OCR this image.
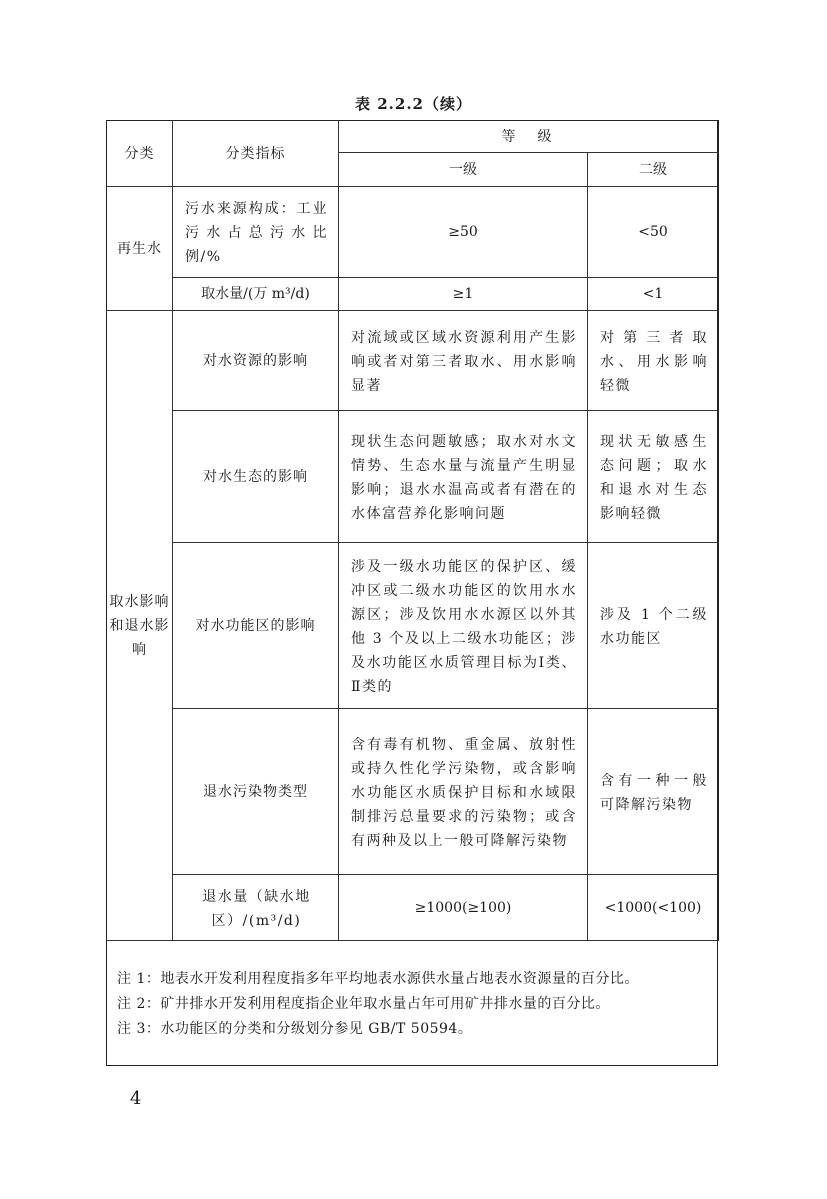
表 2.2.2（续）
分类	分类指标	等　级	
		一级	二级
再生水	污水来源构成：工业污水占总污水比例/%	≥50	<50
	取水量/(万 m³/d)	≥1	<1
取水影响和退水影响	对水资源的影响	对流域或区域水资源利用产生影响或者对第三者取水、用水影响显著	对第三者取水、用水影响轻微
	对水生态的影响	现状生态问题敏感；取水对水文情势、生态水量与流量产生明显影响；退水水温高或者有潜在的水体富营养化影响问题	现状无敏感生态问题；取水和退水对生态影响轻微
	对水功能区的影响	涉及一级水功能区的保护区、缓冲区或二级水功能区的饮用水水源区；涉及饮用水水源区以外其他 3 个及以上二级水功能区；涉及水功能区水质管理目标为Ⅰ类、Ⅱ类的	涉及 1 个二级水功能区
	退水污染物类型	含有毒有机物、重金属、放射性或持久性化学污染物，或含影响水功能区水质保护目标和水域限制排污总量要求的污染物；或含有两种及以上一般可降解污染物	含有一种一般可降解污染物
	退水量（缺水地区）/(m³/d)	≥1000(≥100)	<1000(<100)
注 1：地表水开发利用程度指多年平均地表水源供水量占地表水资源量的百分比。
注 2：矿井排水开发利用程度指企业年取水量占年可用矿井排水量的百分比。
注 3：水功能区的分类和分级划分参见 GB/T 50594。
4
